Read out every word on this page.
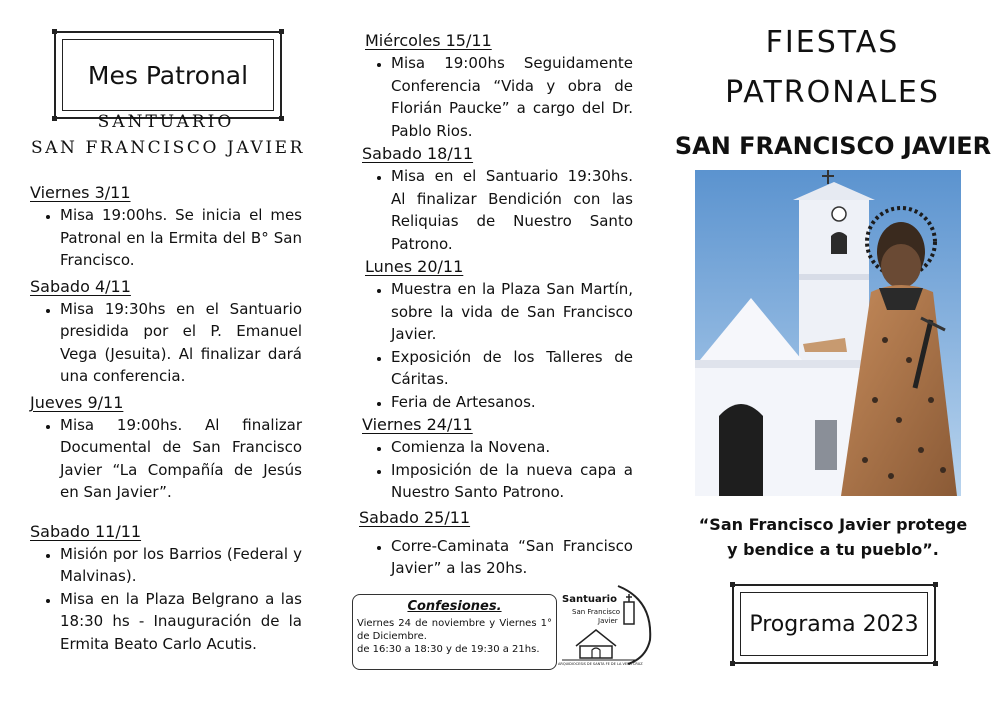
Mes Patronal
SANTUARIO
SAN FRANCISCO JAVIER

Viernes 3/11

• Misa 19:00hs. Se inicia el mes Patronal en la Ermita del B° San Francisco.

Sabado 4/11

• Misa 19:30hs en el Santuario presidida por el P. Emanuel Vega (Jesuita). Al finalizar dará una conferencia.

Jueves 9/11

• Misa 19:00hs. Al finalizar Documental de San Francisco Javier “La Compañía de Jesús en San Javier”.

Sabado 11/11

• Misión por los Barrios (Federal y Malvinas).
• Misa en la Plaza Belgrano a las 18:30 hs - Inauguración de la Ermita Beato Carlo Acutis.

Miércoles 15/11

• Misa 19:00hs Seguidamente Conferencia “Vida y obra de Florián Paucke” a cargo del Dr. Pablo Rios.

Sabado 18/11

• Misa en el Santuario 19:30hs. Al finalizar Bendición con las Reliquias de Nuestro Santo Patrono.

Lunes 20/11

• Muestra en la Plaza San Martín, sobre la vida de San Francisco Javier.
• Exposición de los Talleres de Cáritas.
• Feria de Artesanos.

Viernes 24/11

• Comienza la Novena.
• Imposición de la nueva capa a Nuestro Santo Patrono.

Sabado 25/11

• Corre-Caminata “San Francisco Javier” a las 20hs.
Confesiones.
Viernes 24 de noviembre y Viernes 1° de Diciembre.
de 16:30 a 18:30 y de 19:30 a 21hs.
Santuario
San Francisco
Javier
ARQUIDIOCESIS DE SANTA FE DE LA VERA CRUZ
FIESTAS
PATRONALES
SAN FRANCISCO JAVIER
“San Francisco Javier protege
y bendice a tu pueblo”.
Programa 2023
